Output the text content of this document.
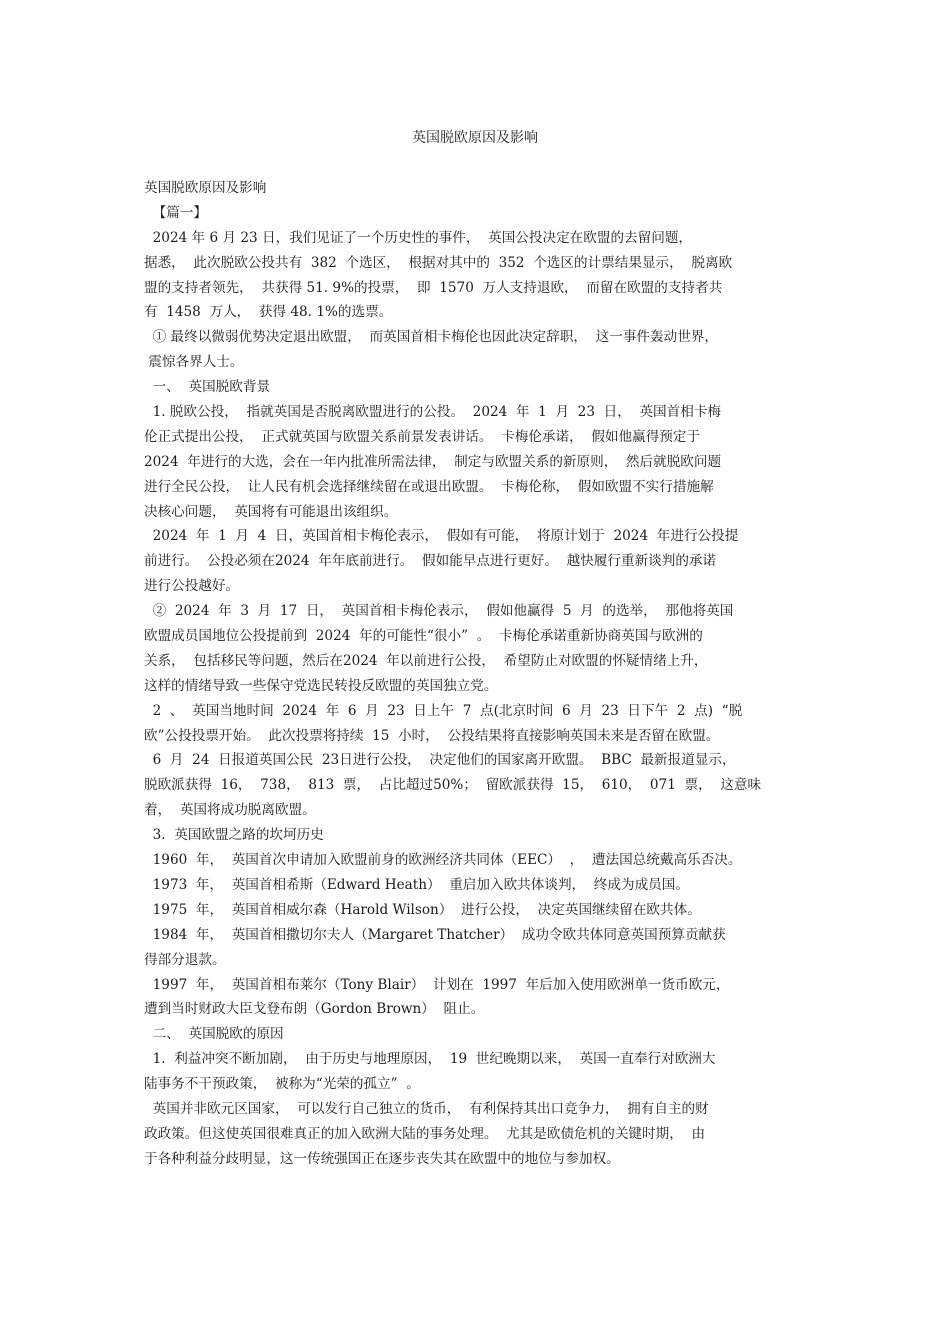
英国脱欧原因及影响
英国脱欧原因及影响
【篇一】
2024 年 6 月 23 日，我们见证了一个历史性的事件，  英国公投决定在欧盟的去留问题，
据悉，  此次脱欧公投共有  382  个选区，  根据对其中的  352  个选区的计票结果显示，  脱离欧
盟的支持者领先，  共获得 51. 9%的投票，  即  1570  万人支持退欧，  而留在欧盟的支持者共
有  1458  万人，  获得 48. 1%的选票。
① 最终以微弱优势决定退出欧盟，  而英国首相卡梅伦也因此决定辞职，  这一事件轰动世界，
震惊各界人士。
一、  英国脱欧背景
1. 脱欧公投，  指就英国是否脱离欧盟进行的公投。  2024  年  1  月  23  日，  英国首相卡梅
伦正式提出公投，  正式就英国与欧盟关系前景发表讲话。  卡梅伦承诺，  假如他赢得预定于
2024  年进行的大选，会在一年内批准所需法律，  制定与欧盟关系的新原则，  然后就脱欧问题
进行全民公投，  让人民有机会选择继续留在或退出欧盟。  卡梅伦称，  假如欧盟不实行措施解
决核心问题，  英国将有可能退出该组织。
2024  年  1  月  4  日，英国首相卡梅伦表示，  假如有可能，  将原计划于  2024  年进行公投提
前进行。  公投必须在2024  年年底前进行。  假如能早点进行更好。  越快履行重新谈判的承诺
进行公投越好。
②  2024  年  3  月  17  日，  英国首相卡梅伦表示，  假如他赢得  5  月  的选举，  那他将英国
欧盟成员国地位公投提前到  2024  年的可能性“很小”  。  卡梅伦承诺重新协商英国与欧洲的
关系，  包括移民等问题，然后在2024  年以前进行公投，  希望防止对欧盟的怀疑情绪上升，
这样的情绪导致一些保守党选民转投反欧盟的英国独立党。
2  、  英国当地时间  2024  年  6  月  23  日上午  7  点(北京时间  6  月  23  日下午  2  点)  “脱
欧”公投投票开始。  此次投票将持续  15  小时，  公投结果将直接影响英国未来是否留在欧盟。
6  月  24  日报道英国公民  23日进行公投，  决定他们的国家离开欧盟。  BBC  最新报道显示，
脱欧派获得  16，  738，  813  票，  占比超过50%；  留欧派获得  15，  610，  071  票，  这意味
着，  英国将成功脱离欧盟。
3.  英国欧盟之路的坎坷历史
1960  年，  英国首次申请加入欧盟前身的欧洲经济共同体（EEC）  ，  遭法国总统戴高乐否决。
1973  年，  英国首相希斯（Edward Heath）  重启加入欧共体谈判，  终成为成员国。
1975  年，  英国首相威尔森（Harold Wilson）  进行公投，  决定英国继续留在欧共体。
1984  年，  英国首相撒切尔夫人（Margaret Thatcher）  成功令欧共体同意英国预算贡献获
得部分退款。
1997  年，  英国首相布莱尔（Tony Blair）  计划在  1997  年后加入使用欧洲单一货币欧元，
遭到当时财政大臣戈登布朗（Gordon Brown）  阻止。
二、  英国脱欧的原因
1.  利益冲突不断加剧，  由于历史与地理原因，  19  世纪晚期以来，  英国一直奉行对欧洲大
陆事务不干预政策，  被称为“光荣的孤立”  。
英国并非欧元区国家，  可以发行自己独立的货币，  有利保持其出口竞争力，  拥有自主的财
政政策。但这使英国很难真正的加入欧洲大陆的事务处理。  尤其是欧债危机的关键时期，  由
于各种利益分歧明显，这一传统强国正在逐步丧失其在欧盟中的地位与参加权。
